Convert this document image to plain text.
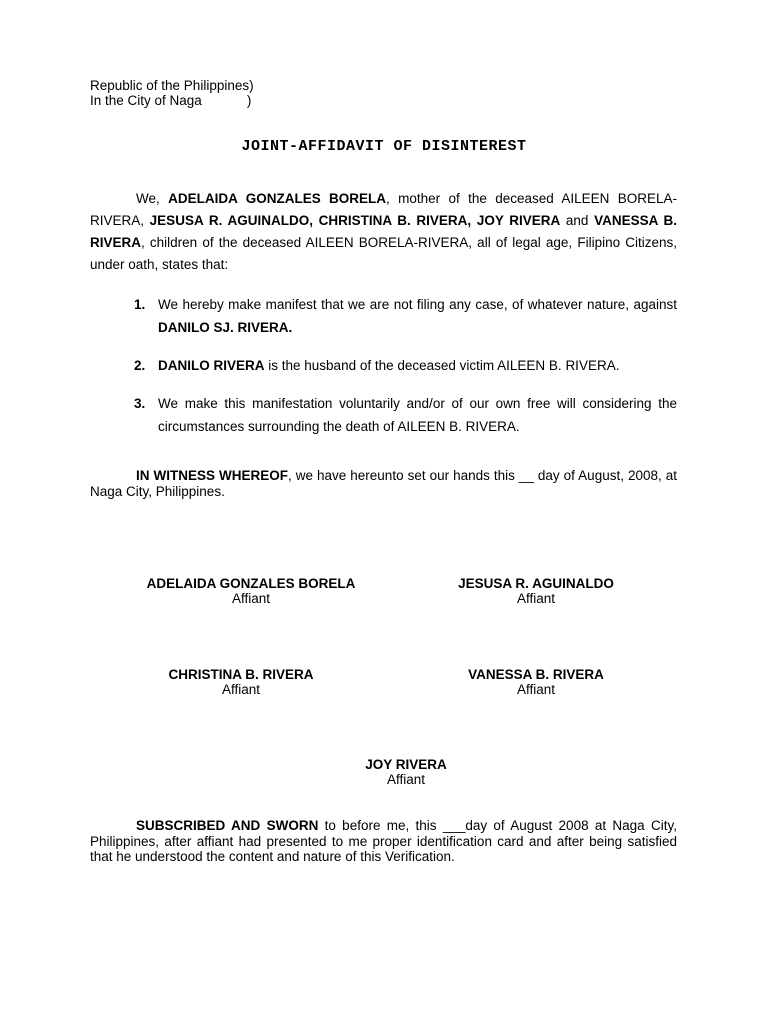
Republic of the Philippines)
In the City of Naga            )
JOINT-AFFIDAVIT OF DISINTEREST
We, ADELAIDA GONZALES BORELA, mother of the deceased AILEEN BORELA-RIVERA, JESUSA R. AGUINALDO, CHRISTINA B. RIVERA, JOY RIVERA and VANESSA B. RIVERA, children of the deceased AILEEN BORELA-RIVERA, all of legal age, Filipino Citizens, under oath, states that:
1. We hereby make manifest that we are not filing any case, of whatever nature, against DANILO SJ. RIVERA.
2. DANILO RIVERA is the husband of the deceased victim AILEEN B. RIVERA.
3. We make this manifestation voluntarily and/or of our own free will considering the circumstances surrounding the death of AILEEN B. RIVERA.
IN WITNESS WHEREOF, we have hereunto set our hands this __ day of August, 2008, at Naga City, Philippines.
ADELAIDA GONZALES BORELA
Affiant
JESUSA R. AGUINALDO
Affiant
CHRISTINA B. RIVERA
Affiant
VANESSA B. RIVERA
Affiant
JOY RIVERA
Affiant
SUBSCRIBED AND SWORN to before me, this ___day of August 2008 at Naga City, Philippines, after affiant had presented to me proper identification card and after being satisfied that he understood the content and nature of this Verification.
